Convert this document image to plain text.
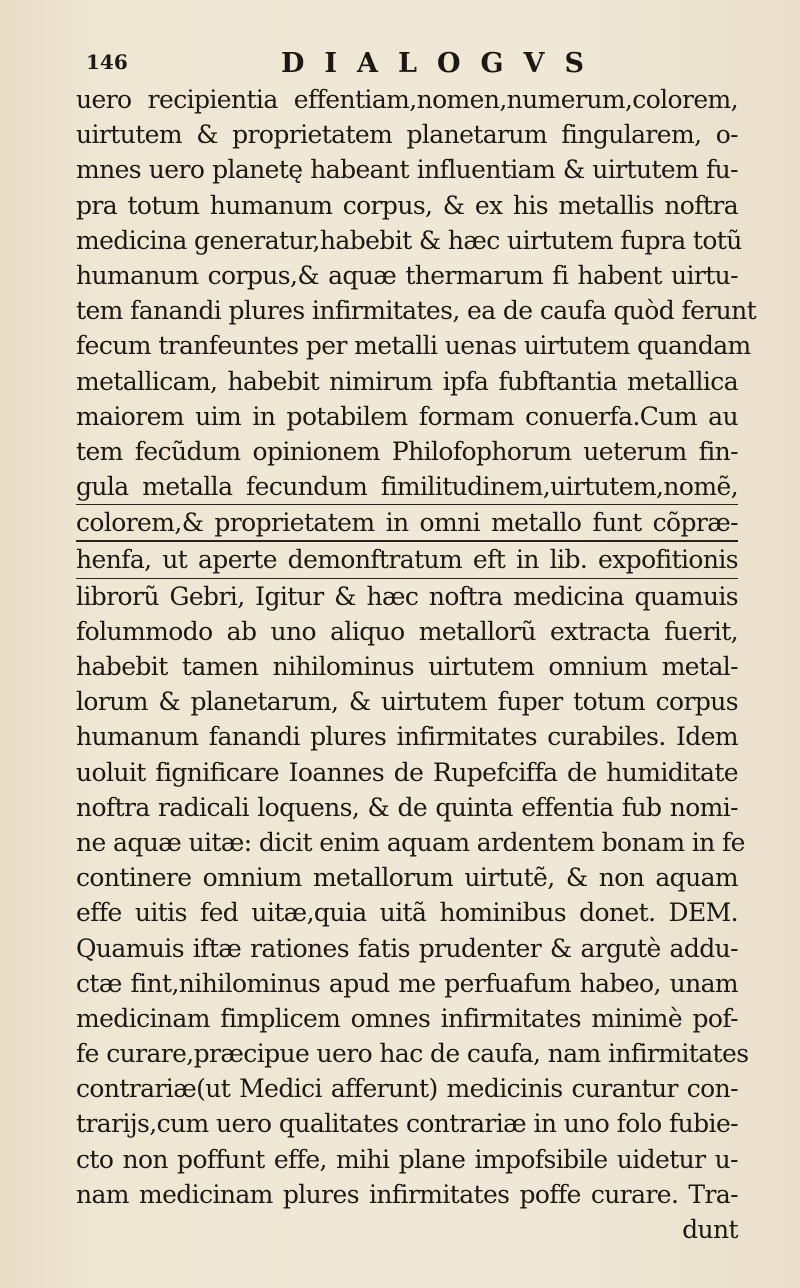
146	DIALOGVS
uero recipientia effentiam,nomen,numerum,colorem,
uirtutem & proprietatem planetarum fingularem, o-
mnes uero planetę habeant influentiam & uirtutem fu-
pra totum humanum corpus, & ex his metallis noftra
medicina generatur,habebit & hæc uirtutem fupra totũ
humanum corpus,& aquæ thermarum fi habent uirtu-
tem fanandi plures infirmitates, ea de caufa quòd ferunt
fecum tranfeuntes per metalli uenas uirtutem quandam
metallicam, habebit nimirum ipfa fubftantia metallica
maiorem uim in potabilem formam conuerfa.Cum au
tem fecũdum opinionem Philofophorum ueterum fin-
gula metalla fecundum fimilitudinem,uirtutem,nomẽ,
colorem,& proprietatem in omni metallo funt cõpræ-
henfa, ut aperte demonftratum eft in lib. expofitionis
librorũ Gebri, Igitur & hæc noftra medicina quamuis
folummodo ab uno aliquo metallorũ extracta fuerit,
habebit tamen nihilominus uirtutem omnium metal-
lorum & planetarum, & uirtutem fuper totum corpus
humanum fanandi plures infirmitates curabiles. Idem
uoluit fignificare Ioannes de Rupefciffa de humiditate
noftra radicali loquens, & de quinta effentia fub nomi-
ne aquæ uitæ: dicit enim aquam ardentem bonam in fe
continere omnium metallorum uirtutẽ, & non aquam
effe uitis fed uitæ,quia uitã hominibus donet. DEM.
Quamuis iftæ rationes fatis prudenter & argutè addu-
ctæ fint,nihilominus apud me perfuafum habeo, unam
medicinam fimplicem omnes infirmitates minimè pof-
fe curare,præcipue uero hac de caufa, nam infirmitates
contrariæ(ut Medici afferunt) medicinis curantur con-
trarijs,cum uero qualitates contrariæ in uno folo fubie-
cto non poffunt effe, mihi plane impofsibile uidetur u-
nam medicinam plures infirmitates poffe curare. Tra-
dunt
